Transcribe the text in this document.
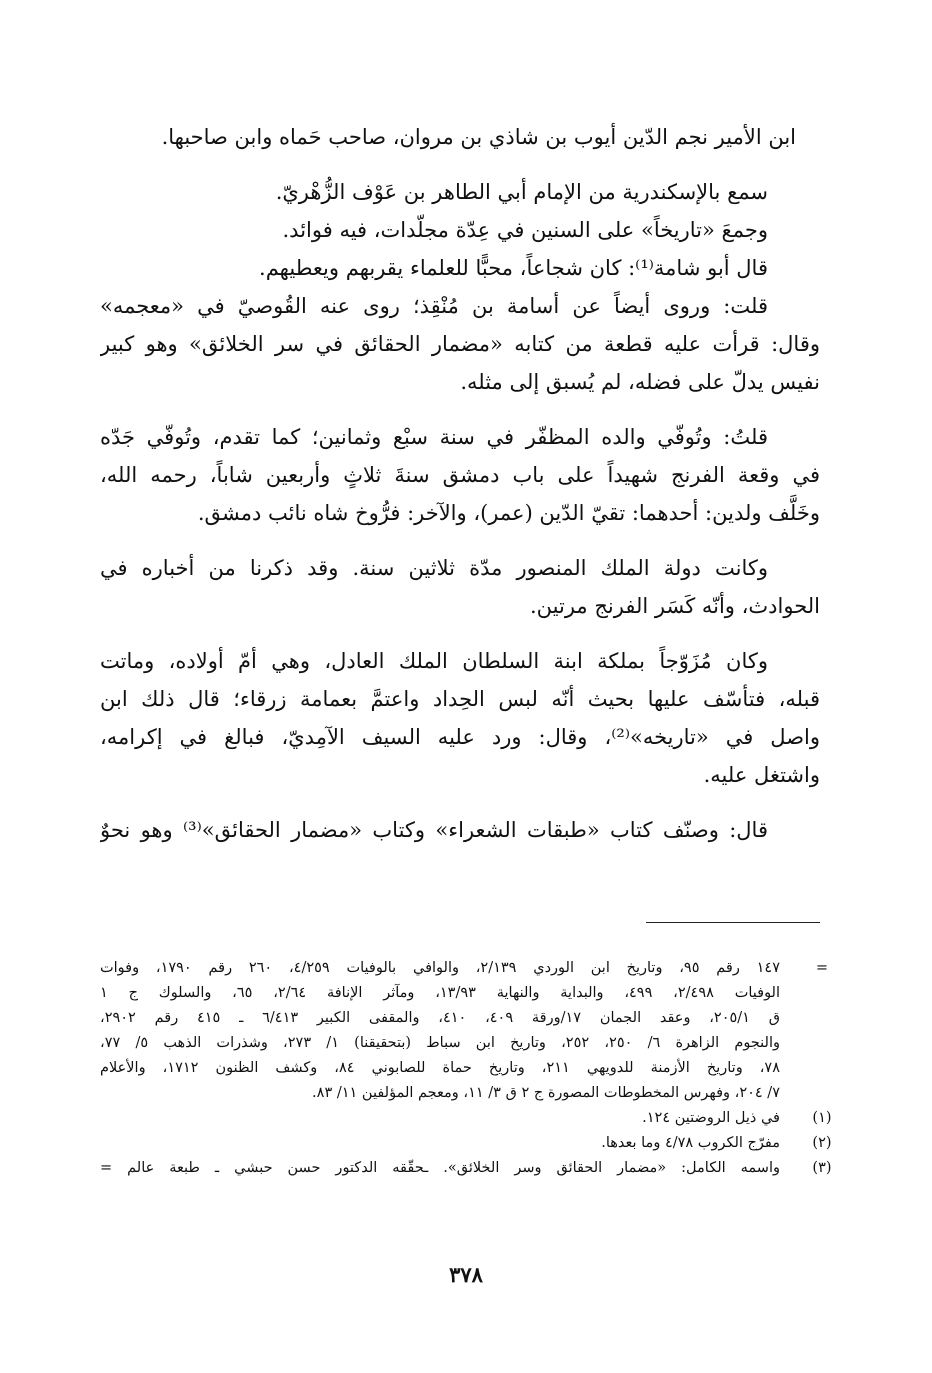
ابن الأمير نجم الدّين أيوب بن شاذي بن مروان، صاحب حَماه وابن صاحبها.
سمع بالإسكندرية من الإمام أبي الطاهر بن عَوْف الزُّهْريّ.
وجمعَ «تاريخاً» على السنين في عِدّة مجلّدات، فيه فوائد.
قال أبو شامة⁽¹⁾: كان شجاعاً، محبًّا للعلماء يقربهم ويعطيهم.
قلت: وروى أيضاً عن أسامة بن مُنْقِذ؛ روى عنه القُوصيّ في «معجمه»
وقال: قرأت عليه قطعة من كتابه «مضمار الحقائق في سر الخلائق» وهو كبير
نفيس يدلّ على فضله، لم يُسبق إلى مثله.
قلتُ: وتُوفّي والده المظفّر في سنة سبْع وثمانين؛ كما تقدم، وتُوفّي جَدّه
في وقعة الفرنج شهيداً على باب دمشق سنةَ ثلاثٍ وأربعين شاباً، رحمه الله،
وخَلَّف ولدين: أحدهما: تقيّ الدّين (عمر)، والآخر: فرُّوخ شاه نائب دمشق.
وكانت دولة الملك المنصور مدّة ثلاثين سنة. وقد ذكرنا من أخباره في
الحوادث، وأنّه كَسَر الفرنج مرتين.
وكان مُزَوّجاً بملكة ابنة السلطان الملك العادل، وهي أمّ أولاده، وماتت
قبله، فتأسّف عليها بحيث أنّه لبس الحِداد واعتمَّ بعمامة زرقاء؛ قال ذلك ابن
واصل في «تاريخه»⁽²⁾، وقال: ورد عليه السيف الآمِديّ، فبالغ في إكرامه،
واشتغل عليه.
قال: وصنّف كتاب «طبقات الشعراء» وكتاب «مضمار الحقائق»⁽³⁾ وهو نحوٌ
=
١٤٧ رقم ٩٥، وتاريخ ابن الوردي ٢/١٣٩، والوافي بالوفيات ٤/٢٥٩، ٢٦٠ رقم ١٧٩٠، وفوات
الوفيات ٢/٤٩٨، ٤٩٩، والبداية والنهاية ١٣/٩٣، ومآثر الإنافة ٢/٦٤، ٦٥، والسلوك ج ١
ق ٢٠٥/١، وعقد الجمان ١٧/ورقة ٤٠٩، ٤١٠، والمقفى الكبير ٦/٤١٣ ـ ٤١٥ رقم ٢٩٠٢،
والنجوم الزاهرة ٦/ ٢٥٠، ٢٥٢، وتاريخ ابن سباط (بتحقيقنا) ١/ ٢٧٣، وشذرات الذهب ٥/ ٧٧،
٧٨، وتاريخ الأزمنة للدويهي ٢١١، وتاريخ حماة للصابوني ٨٤، وكشف الظنون ١٧١٢، والأعلام
٧/ ٢٠٤، وفهرس المخطوطات المصورة ج ٢ ق ٣/ ١١، ومعجم المؤلفين ١١/ ٨٣.
(١)
في ذيل الروضتين ١٢٤.
(٢)
مفرّج الكروب ٤/٧٨ وما بعدها.
(٣)
واسمه الكامل: «مضمار الحقائق وسر الخلائق». ـحقّقه الدكتور حسن حبشي ـ طبعة عالم =
٣٧٨
